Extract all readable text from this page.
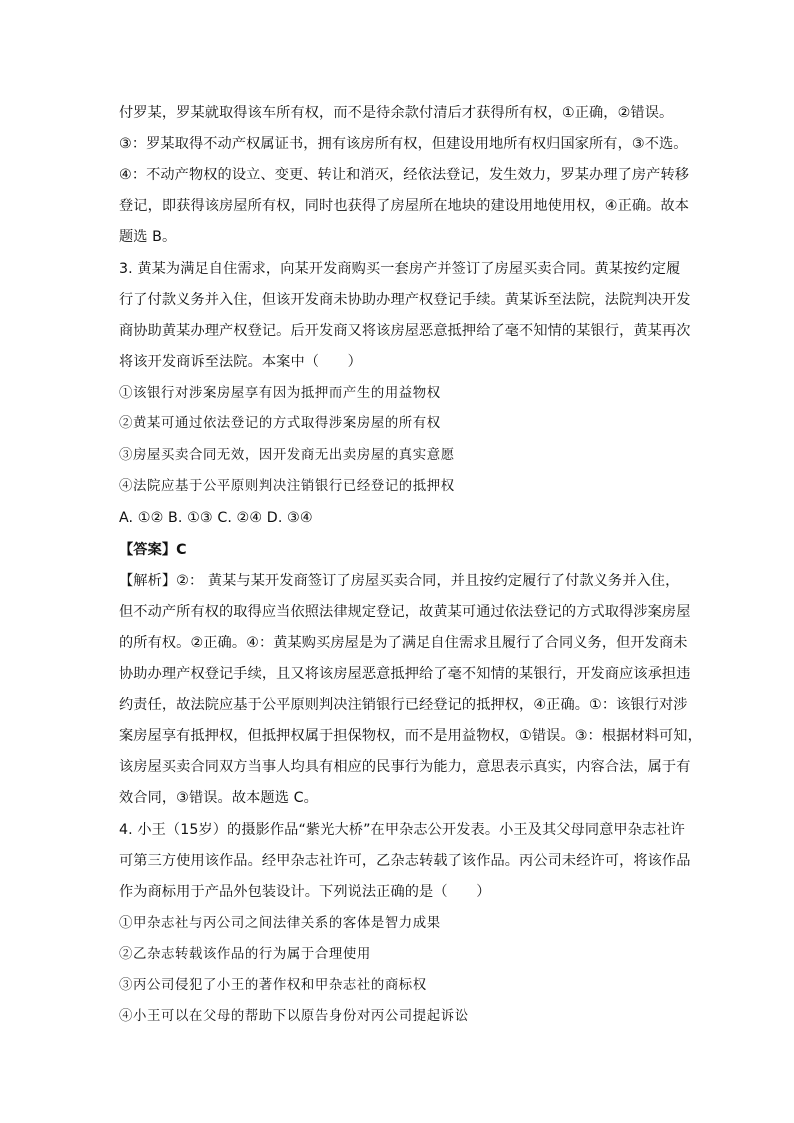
付罗某，罗某就取得该车所有权，而不是待余款付清后才获得所有权，①正确，②错误。
③：罗某取得不动产权属证书，拥有该房所有权，但建设用地所有权归国家所有，③不选。
④：不动产物权的设立、变更、转让和消灭，经依法登记，发生效力，罗某办理了房产转移
登记，即获得该房屋所有权，同时也获得了房屋所在地块的建设用地使用权，④正确。故本
题选 B。
3. 黄某为满足自住需求，向某开发商购买一套房产并签订了房屋买卖合同。黄某按约定履
行了付款义务并入住，但该开发商未协助办理产权登记手续。黄某诉至法院，法院判决开发
商协助黄某办理产权登记。后开发商又将该房屋恶意抵押给了毫不知情的某银行，黄某再次
将该开发商诉至法院。本案中（　　）
①该银行对涉案房屋享有因为抵押而产生的用益物权
②黄某可通过依法登记的方式取得涉案房屋的所有权
③房屋买卖合同无效，因开发商无出卖房屋的真实意愿
④法院应基于公平原则判决注销银行已经登记的抵押权
A. ①② B. ①③ C. ②④ D. ③④
【答案】C
【解析】②： 黄某与某开发商签订了房屋买卖合同，并且按约定履行了付款义务并入住，
但不动产所有权的取得应当依照法律规定登记，故黄某可通过依法登记的方式取得涉案房屋
的所有权。②正确。④：黄某购买房屋是为了满足自住需求且履行了合同义务，但开发商未
协助办理产权登记手续，且又将该房屋恶意抵押给了毫不知情的某银行，开发商应该承担违
约责任，故法院应基于公平原则判决注销银行已经登记的抵押权，④正确。①：该银行对涉
案房屋享有抵押权，但抵押权属于担保物权，而不是用益物权，①错误。③：根据材料可知，
该房屋买卖合同双方当事人均具有相应的民事行为能力，意思表示真实，内容合法，属于有
效合同，③错误。故本题选 C。
4. 小王（15岁）的摄影作品“紫光大桥”在甲杂志公开发表。小王及其父母同意甲杂志社许
可第三方使用该作品。经甲杂志社许可，乙杂志转载了该作品。丙公司未经许可，将该作品
作为商标用于产品外包装设计。下列说法正确的是（　　）
①甲杂志社与丙公司之间法律关系的客体是智力成果
②乙杂志转载该作品的行为属于合理使用
③丙公司侵犯了小王的著作权和甲杂志社的商标权
④小王可以在父母的帮助下以原告身份对丙公司提起诉讼
